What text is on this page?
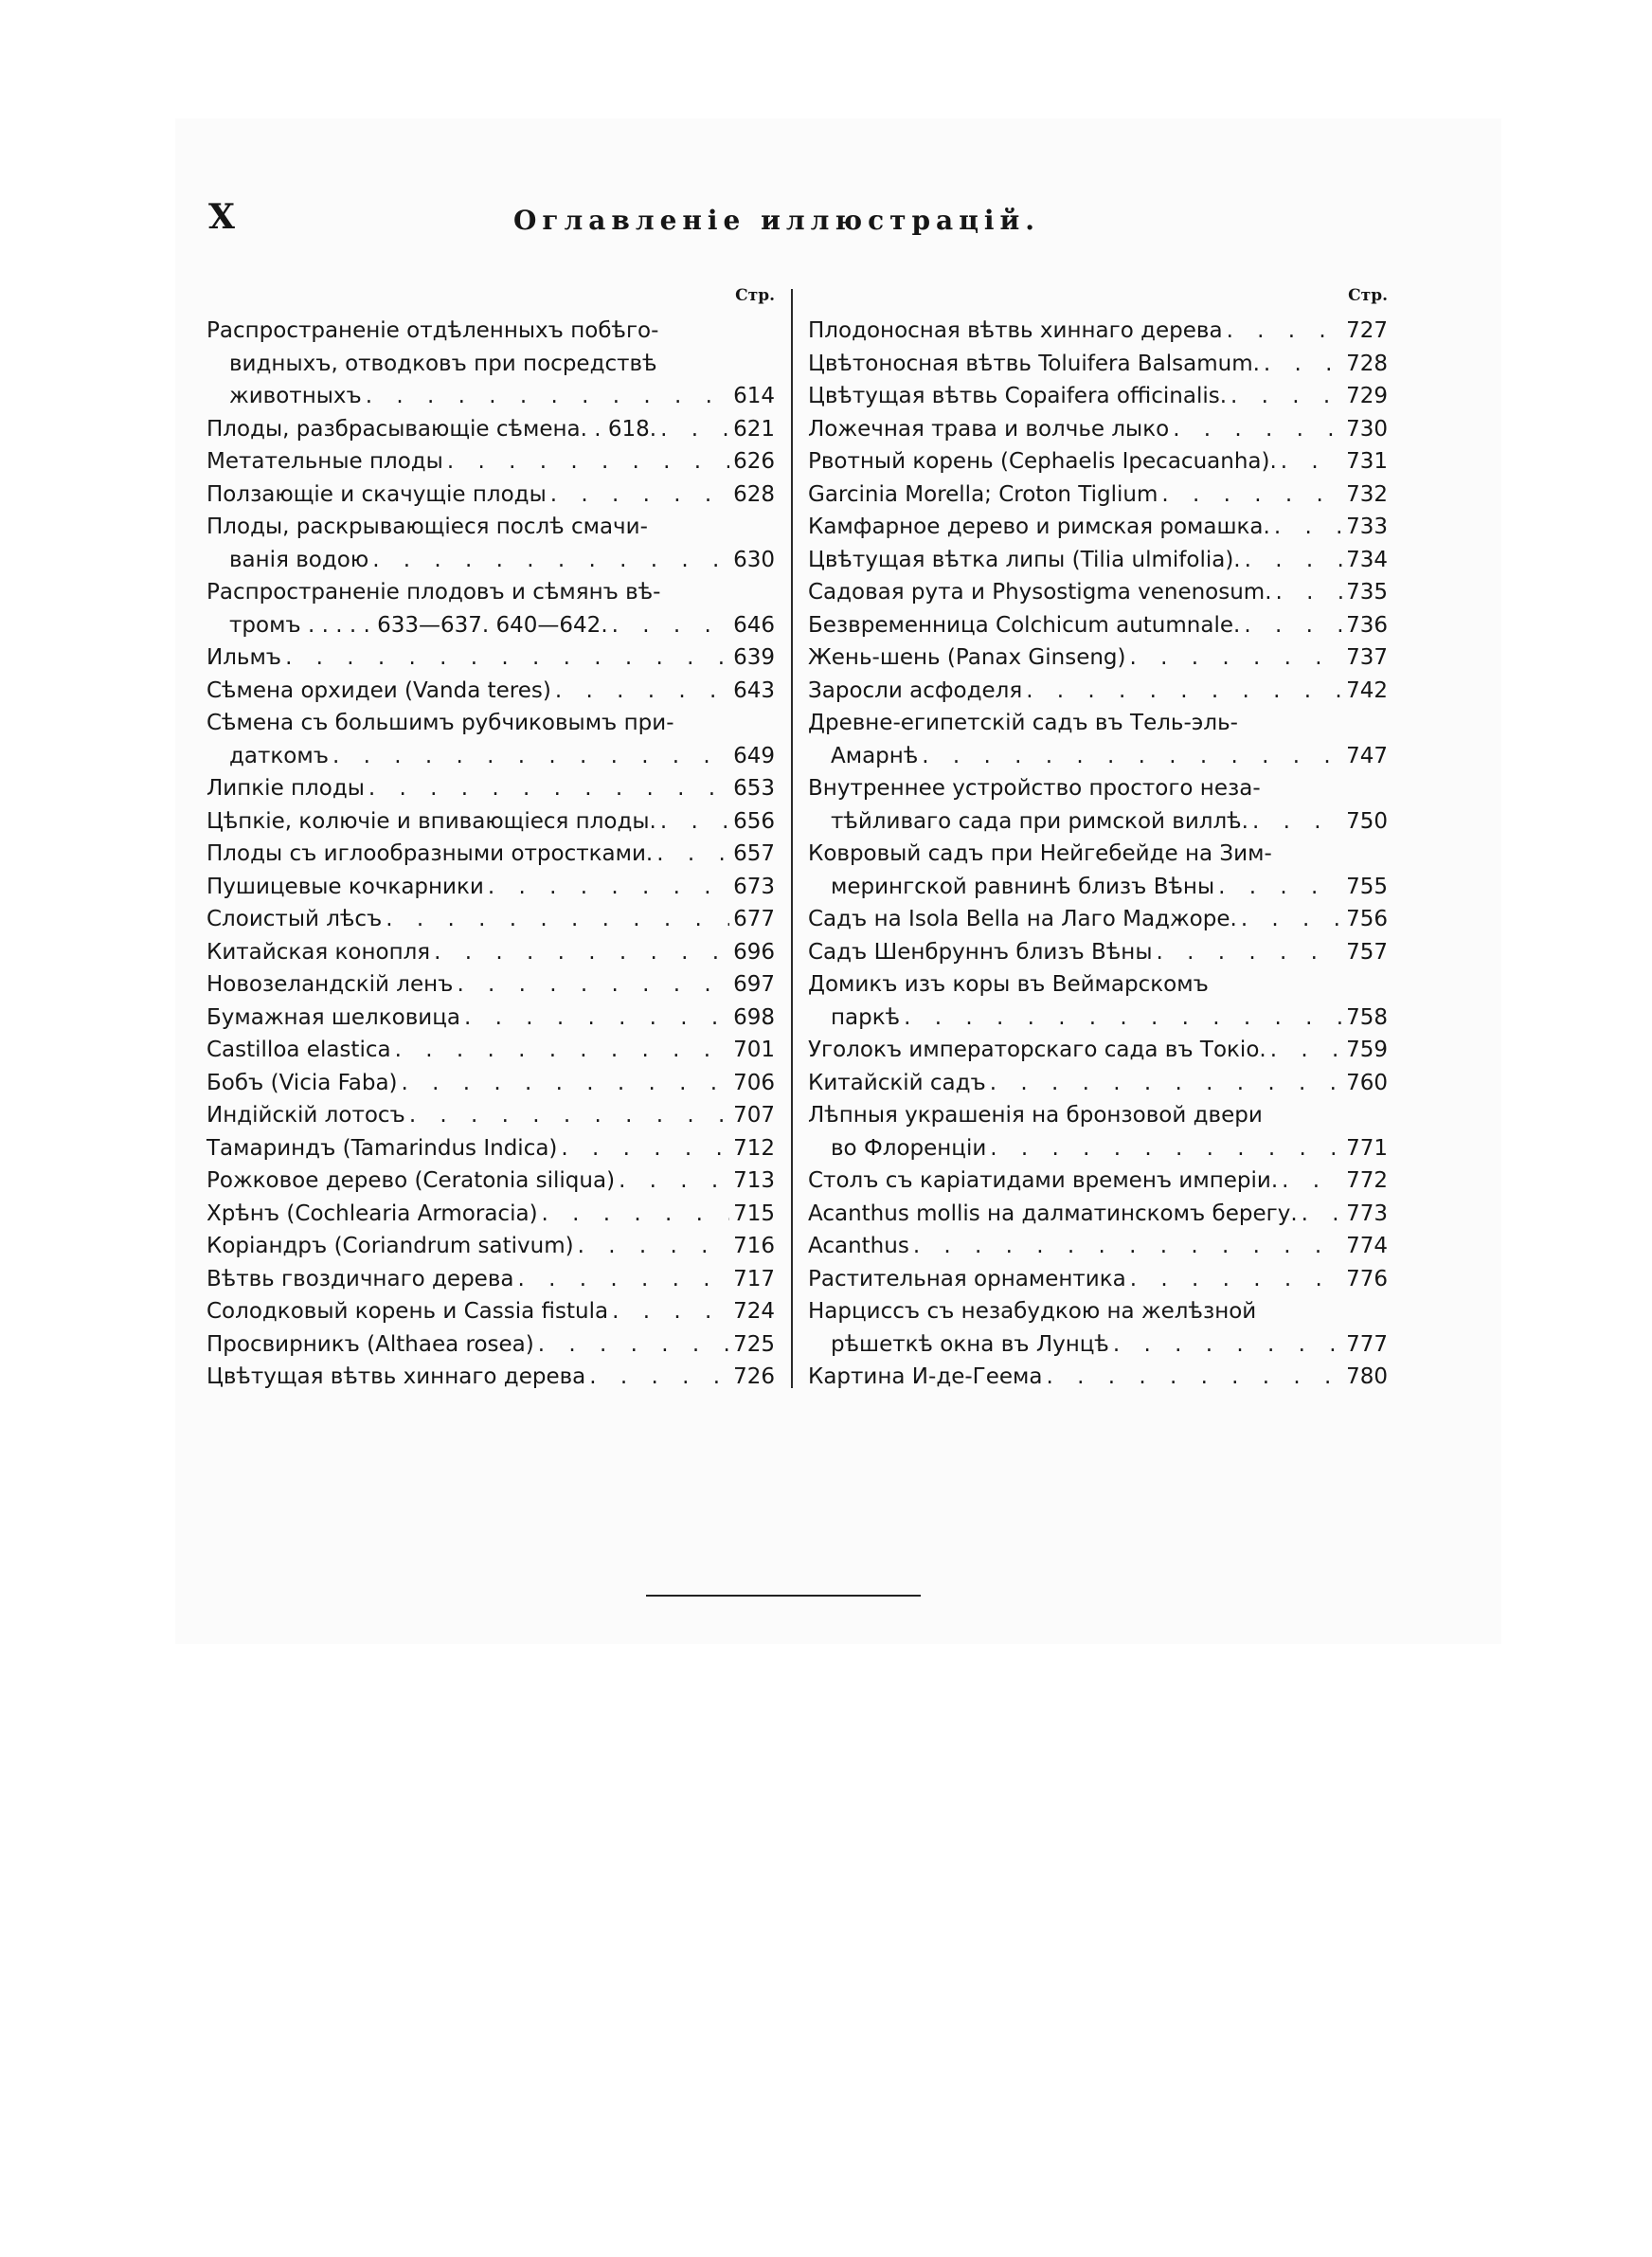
X	Оглавленіе иллюстрацій.
Стр.
Распространеніе отдѣленныхъ побѣго-
видныхъ, отводковъ при посредствѣ
животныхъ . . .	614
Плоды, разбрасывающіе сѣмена. . 618. . . .	621
Метательные плоды . . .	626
Ползающіе и скачущіе плоды . . .	628
Плоды, раскрывающіеся послѣ смачи-
ванія водою . . .	630
Распространеніе плодовъ и сѣмянъ вѣ-
тромъ . . . . . 633—637. 640—642. . . .	646
Ильмъ . . .	639
Сѣмена орхидеи (Vanda teres) . . .	643
Сѣмена съ большимъ рубчиковымъ при-
даткомъ . . .	649
Липкіе плоды . . .	653
Цѣпкіе, колючіе и впивающіеся плоды. . . .	656
Плоды съ иглообразными отростками. . . .	657
Пушицевые кочкарники . . .	673
Слоистый лѣсъ . . .	677
Китайская конопля . . .	696
Новозеландскій ленъ . . .	697
Бумажная шелковица . . .	698
Castilloa elastica . . .	701
Бобъ (Vicia Faba) . . .	706
Индійскій лотосъ . . .	707
Тамариндъ (Tamarindus Indica) . . .	712
Рожковое дерево (Ceratonia siliqua) . . .	713
Хрѣнъ (Cochlearia Armoracia) . . .	715
Коріандръ (Coriandrum sativum) . . .	716
Вѣтвь гвоздичнаго дерева . . .	717
Солодковый корень и Cassia fistula . . .	724
Просвирникъ (Althaea rosea) . . .	725
Цвѣтущая вѣтвь хиннаго дерева . . .	726
Стр.
Плодоносная вѣтвь хиннаго дерева . . .	727
Цвѣтоносная вѣтвь Toluifera Balsamum. . . .	728
Цвѣтущая вѣтвь Copaifera officinalis. . . .	729
Ложечная трава и волчье лыко . . .	730
Рвотный корень (Cephaelis Ipecacuanha). . . .	731
Garcinia Morella; Croton Tiglium . . .	732
Камфарное дерево и римская ромашка. . . .	733
Цвѣтущая вѣтка липы (Tilia ulmifolia). . . .	734
Садовая рута и Physostigma venenosum. . . .	735
Безвременница Colchicum autumnale. . . .	736
Жень-шень (Panax Ginseng) . . .	737
Заросли асфоделя . . .	742
Древне-египетскій садъ въ Тель-эль-
Амарнѣ . . .	747
Внутреннее устройство простого неза-
тѣйливаго сада при римской виллѣ. . . .	750
Ковровый садъ при Нейгебейде на Зим-
мерингской равнинѣ близъ Вѣны . . .	755
Садъ на Isola Bella на Лаго Маджоре. . . .	756
Садъ Шенбруннъ близъ Вѣны . . .	757
Домикъ изъ коры въ Веймарскомъ
паркѣ . . .	758
Уголокъ императорскаго сада въ Токіо. . . .	759
Китайскій садъ . . .	760
Лѣпныя украшенія на бронзовой двери
во Флоренціи . . .	771
Столъ съ каріатидами временъ имперіи. . . .	772
Acanthus mollis на далматинскомъ берегу. . . . 773
Acanthus . . .	774
Растительная орнаментика . . .	776
Нарциссъ съ незабудкою на желѣзной
рѣшеткѣ окна въ Лунцѣ . . .	777
Картина И-де-Геема . . .	780
